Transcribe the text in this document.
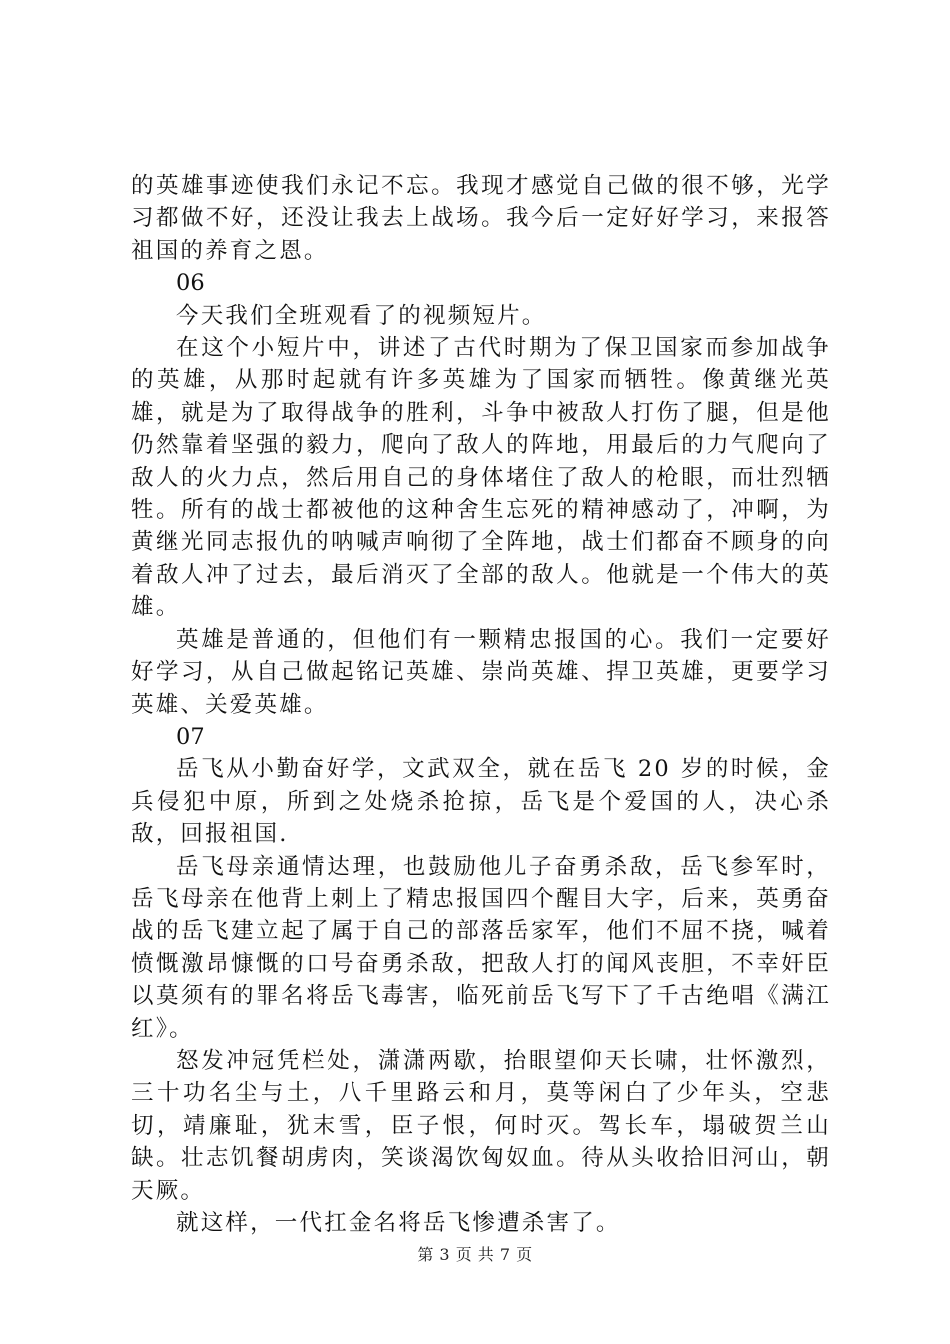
的英雄事迹使我们永记不忘。我现才感觉自己做的很不够，光学习都做不好，还没让我去上战场。我今后一定好好学习，来报答祖国的养育之恩。

06

今天我们全班观看了的视频短片。

在这个小短片中，讲述了古代时期为了保卫国家而参加战争的英雄，从那时起就有许多英雄为了国家而牺牲。像黄继光英雄，就是为了取得战争的胜利，斗争中被敌人打伤了腿，但是他仍然靠着坚强的毅力，爬向了敌人的阵地，用最后的力气爬向了敌人的火力点，然后用自己的身体堵住了敌人的枪眼，而壮烈牺牲。所有的战士都被他的这种舍生忘死的精神感动了，冲啊，为黄继光同志报仇的呐喊声响彻了全阵地，战士们都奋不顾身的向着敌人冲了过去，最后消灭了全部的敌人。他就是一个伟大的英雄。

英雄是普通的，但他们有一颗精忠报国的心。我们一定要好好学习，从自己做起铭记英雄、崇尚英雄、捍卫英雄，更要学习英雄、关爱英雄。

07

岳飞从小勤奋好学，文武双全，就在岳飞 20 岁的时候，金兵侵犯中原，所到之处烧杀抢掠，岳飞是个爱国的人，决心杀敌，回报祖国.

岳飞母亲通情达理，也鼓励他儿子奋勇杀敌，岳飞参军时，岳飞母亲在他背上刺上了精忠报国四个醒目大字，后来，英勇奋战的岳飞建立起了属于自己的部落岳家军，他们不屈不挠，喊着愤慨激昂慷慨的口号奋勇杀敌，把敌人打的闻风丧胆，不幸奸臣以莫须有的罪名将岳飞毒害，临死前岳飞写下了千古绝唱《满江红》。

怒发冲冠凭栏处，潇潇两歇，抬眼望仰天长啸，壮怀激烈，三十功名尘与土，八千里路云和月，莫等闲白了少年头，空悲切，靖廉耻，犹末雪，臣子恨，何时灭。驾长车，塌破贺兰山缺。壮志饥餐胡虏肉，笑谈渴饮匈奴血。待从头收拾旧河山，朝天厥。

就这样，一代扛金名将岳飞惨遭杀害了。

第 3 页 共 7 页
